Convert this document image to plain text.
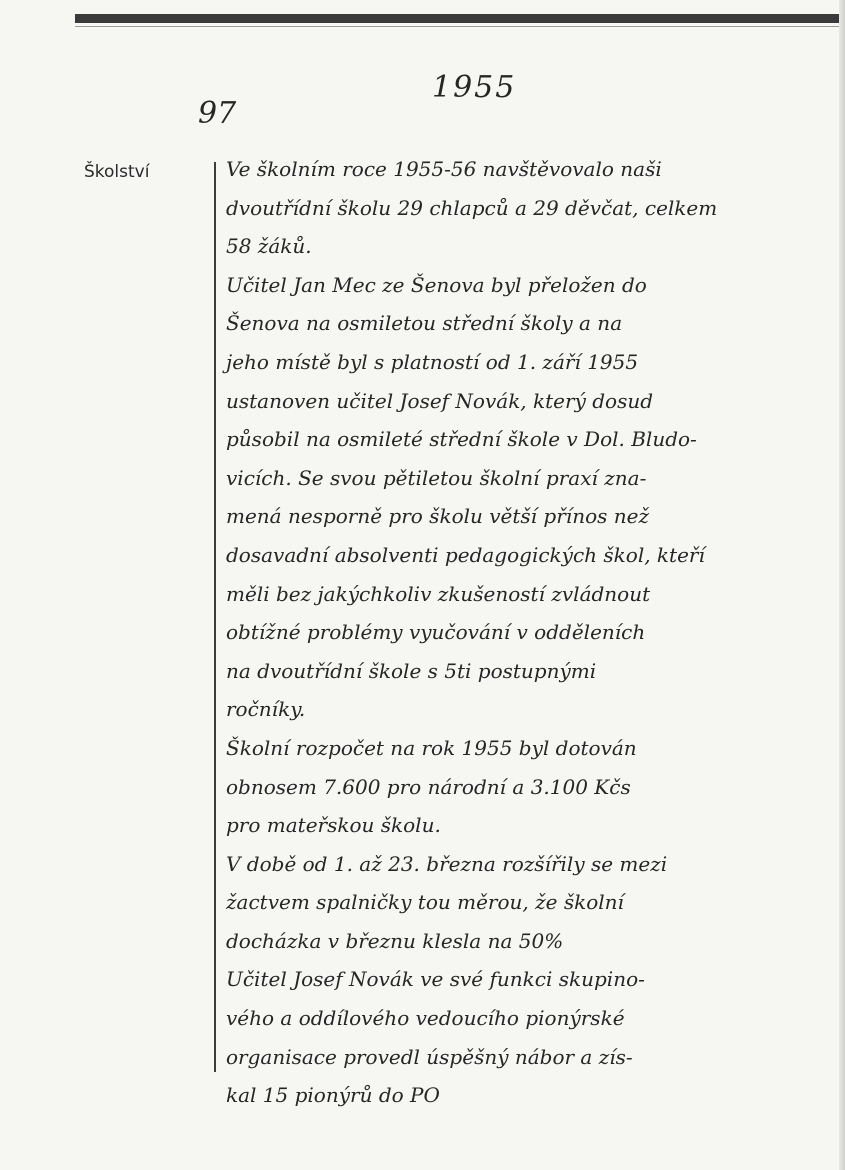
1955
97
Školství	Ve školním roce 1955-56 navštěvovalo naši
dvoutřídní školu 29 chlapců a 29 děvčat, celkem
58 žáků.
Učitel Jan Mec ze Šenova byl přeložen do
Šenova na osmiletou střední školy a na
jeho místě byl s platností od 1. září 1955
ustanoven učitel Josef Novák, který dosud
působil na osmileté střední škole v Dol. Bludo-
vicích. Se svou pětiletou školní praxí zna-
mená nesporně pro školu větší přínos než
dosavadní absolventi pedagogických škol, kteří
měli bez jakýchkoliv zkušeností zvládnout
obtížné problémy vyučování v odděleních
na dvoutřídní škole s 5ti postupnými
ročníky.
Školní rozpočet na rok 1955 byl dotován
obnosem 7.600 pro národní a 3.100 Kčs
pro mateřskou školu.
V době od 1. až 23. března rozšířily se mezi
žactvem spalničky tou měrou, že školní
docházka v březnu klesla na 50%
Učitel Josef Novák ve své funkci skupino-
vého a oddílového vedoucího pionýrské
organisace provedl úspěšný nábor a zís-
kal 15 pionýrů do PO
